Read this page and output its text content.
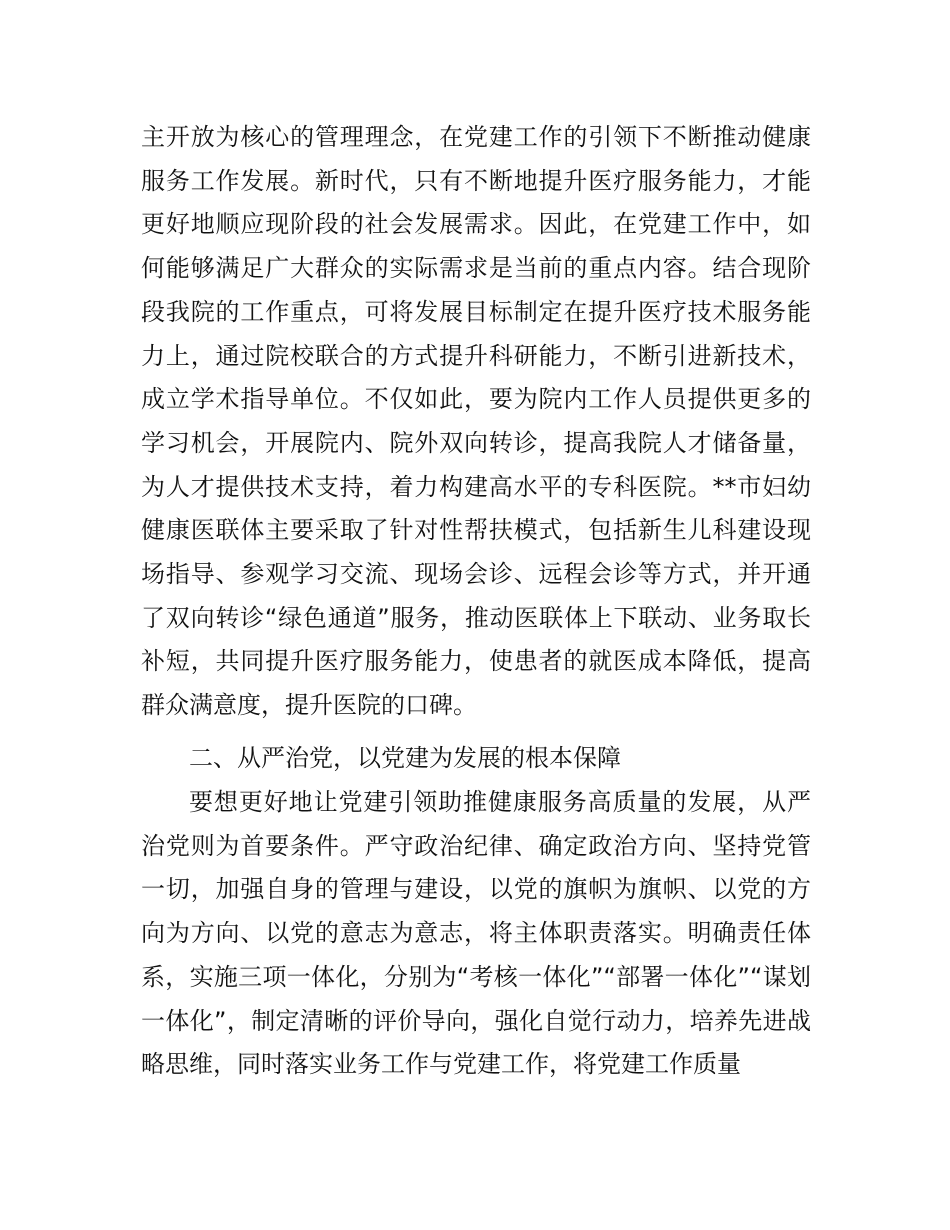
主开放为核心的管理理念，在党建工作的引领下不断推动健康服务工作发展。新时代，只有不断地提升医疗服务能力，才能更好地顺应现阶段的社会发展需求。因此，在党建工作中，如何能够满足广大群众的实际需求是当前的重点内容。结合现阶段我院的工作重点，可将发展目标制定在提升医疗技术服务能力上，通过院校联合的方式提升科研能力，不断引进新技术，成立学术指导单位。不仅如此，要为院内工作人员提供更多的学习机会，开展院内、院外双向转诊，提高我院人才储备量，为人才提供技术支持，着力构建高水平的专科医院。**市妇幼健康医联体主要采取了针对性帮扶模式，包括新生儿科建设现场指导、参观学习交流、现场会诊、远程会诊等方式，并开通了双向转诊“绿色通道”服务，推动医联体上下联动、业务取长补短，共同提升医疗服务能力，使患者的就医成本降低，提高群众满意度，提升医院的口碑。

二、从严治党，以党建为发展的根本保障

要想更好地让党建引领助推健康服务高质量的发展，从严治党则为首要条件。严守政治纪律、确定政治方向、坚持党管一切，加强自身的管理与建设，以党的旗帜为旗帜、以党的方向为方向、以党的意志为意志，将主体职责落实。明确责任体系，实施三项一体化，分别为“考核一体化”“部署一体化”“谋划一体化”，制定清晰的评价导向，强化自觉行动力，培养先进战略思维，同时落实业务工作与党建工作，将党建工作质量
